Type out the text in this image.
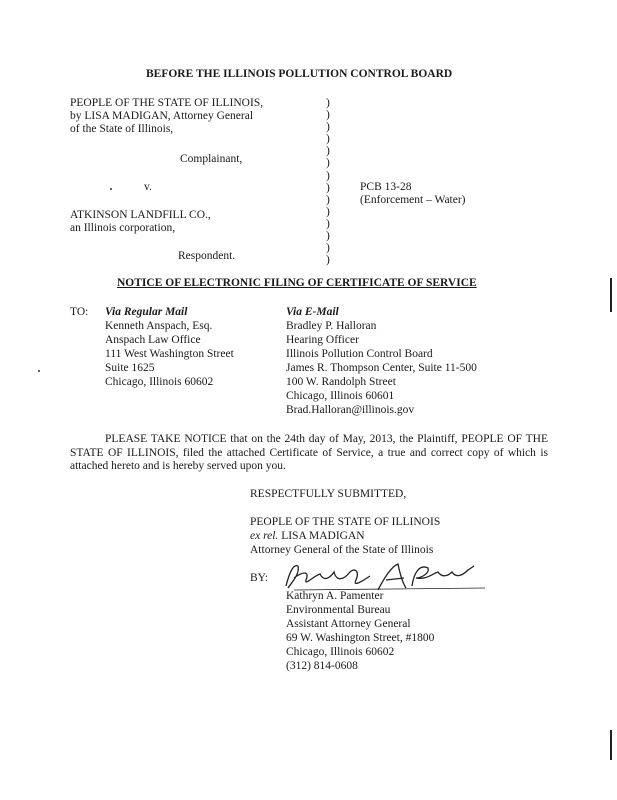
BEFORE THE ILLINOIS POLLUTION CONTROL BOARD
PEOPLE OF THE STATE OF ILLINOIS,
by LISA MADIGAN, Attorney General
of the State of Illinois,
Complainant,
v.	PCB 13-28
(Enforcement – Water)
ATKINSON LANDFILL CO.,
an Illinois corporation,
Respondent.
)
)
)
)
)
)
)
)
)
)
)
)
)
)
NOTICE OF ELECTRONIC FILING OF CERTIFICATE OF SERVICE
TO: Via Regular Mail
Kenneth Anspach, Esq.
Anspach Law Office
111 West Washington Street
Suite 1625
Chicago, Illinois 60602
Via E-Mail
Bradley P. Halloran
Hearing Officer
Illinois Pollution Control Board
James R. Thompson Center, Suite 11-500
100 W. Randolph Street
Chicago, Illinois 60601
Brad.Halloran@illinois.gov
PLEASE TAKE NOTICE that on the 24th day of May, 2013, the Plaintiff, PEOPLE OF THE STATE OF ILLINOIS, filed the attached Certificate of Service, a true and correct copy of which is attached hereto and is hereby served upon you.
RESPECTFULLY SUBMITTED,
PEOPLE OF THE STATE OF ILLINOIS
ex rel. LISA MADIGAN
Attorney General of the State of Illinois
BY:
Kathryn A. Pamenter
Environmental Bureau
Assistant Attorney General
69 W. Washington Street, #1800
Chicago, Illinois 60602
(312) 814-0608
